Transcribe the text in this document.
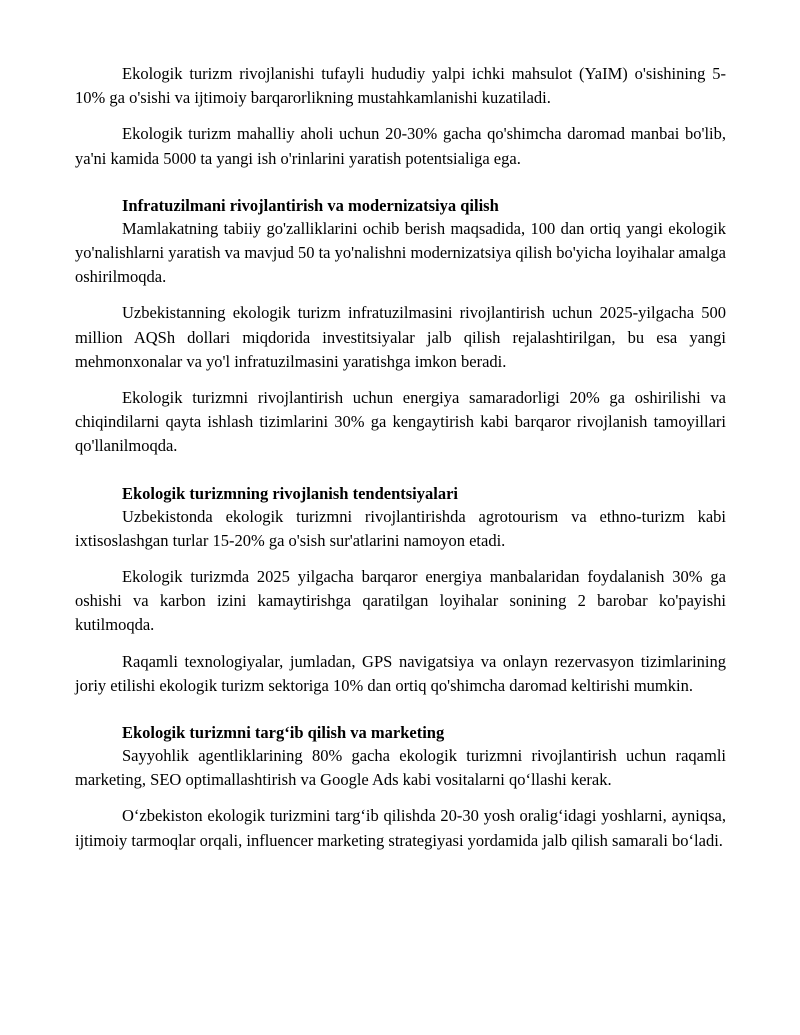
Ekologik turizm rivojlanishi tufayli hududiy yalpi ichki mahsulot (YaIM) o'sishining 5-10% ga o'sishi va ijtimoiy barqarorlikning mustahkamlanishi kuzatiladi.

Ekologik turizm mahalliy aholi uchun 20-30% gacha qo'shimcha daromad manbai bo'lib, ya'ni kamida 5000 ta yangi ish o'rinlarini yaratish potentsialiga ega.

Infratuzilmani rivojlantirish va modernizatsiya qilish

Mamlakatning tabiiy go'zalliklarini ochib berish maqsadida, 100 dan ortiq yangi ekologik yo'nalishlarni yaratish va mavjud 50 ta yo'nalishni modernizatsiya qilish bo'yicha loyihalar amalga oshirilmoqda.

Uzbekistanning ekologik turizm infratuzilmasini rivojlantirish uchun 2025-yilgacha 500 million AQSh dollari miqdorida investitsiyalar jalb qilish rejalashtirilgan, bu esa yangi mehmonxonalar va yo'l infratuzilmasini yaratishga imkon beradi.

Ekologik turizmni rivojlantirish uchun energiya samaradorligi 20% ga oshirilishi va chiqindilarni qayta ishlash tizimlarini 30% ga kengaytirish kabi barqaror rivojlanish tamoyillari qo'llanilmoqda.

Ekologik turizmning rivojlanish tendentsiyalari

Uzbekistonda ekologik turizmni rivojlantirishda agrotourism va ethno-turizm kabi ixtisoslashgan turlar 15-20% ga o'sish sur'atlarini namoyon etadi.

Ekologik turizmda 2025 yilgacha barqaror energiya manbalaridan foydalanish 30% ga oshishi va karbon izini kamaytirishga qaratilgan loyihalar sonining 2 barobar ko'payishi kutilmoqda.

Raqamli texnologiyalar, jumladan, GPS navigatsiya va onlayn rezervasyon tizimlarining joriy etilishi ekologik turizm sektoriga 10% dan ortiq qo'shimcha daromad keltirishi mumkin.

Ekologik turizmni targ‘ib qilish va marketing

Sayyohlik agentliklarining 80% gacha ekologik turizmni rivojlantirish uchun raqamli marketing, SEO optimallashtirish va Google Ads kabi vositalarni qo‘llashi kerak.

O‘zbekiston ekologik turizmini targ‘ib qilishda 20-30 yosh oralig‘idagi yoshlarni, ayniqsa, ijtimoiy tarmoqlar orqali, influencer marketing strategiyasi yordamida jalb qilish samarali bo‘ladi.
